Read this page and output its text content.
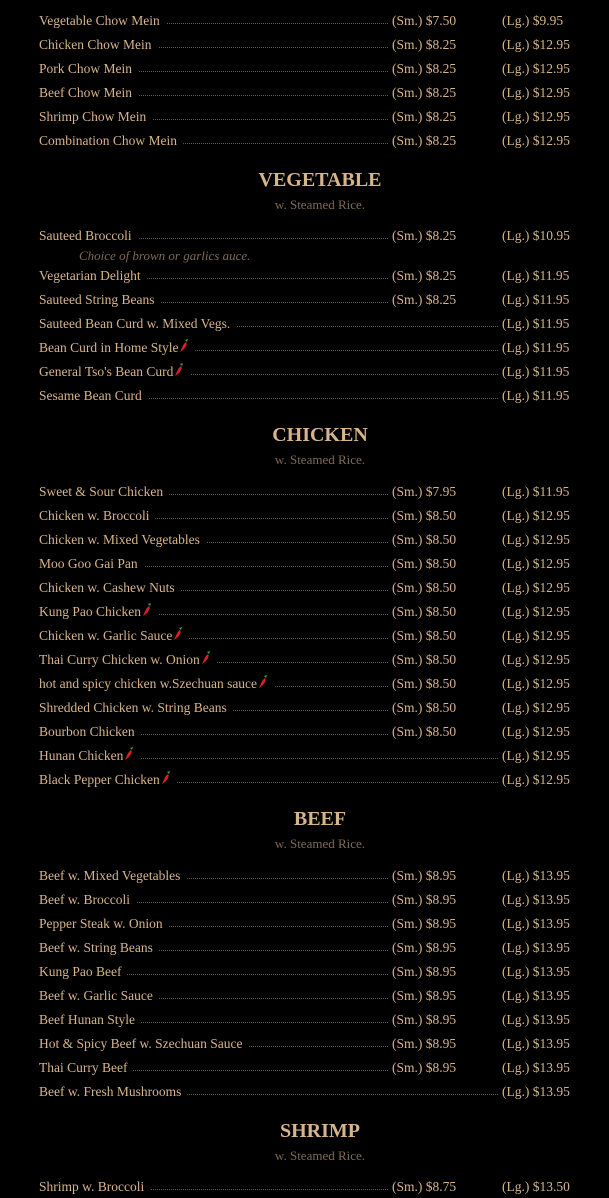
Vegetable Chow Mein	(Sm.) $7.50	(Lg.) $9.95
Chicken Chow Mein	(Sm.) $8.25	(Lg.) $12.95
Pork Chow Mein	(Sm.) $8.25	(Lg.) $12.95
Beef Chow Mein	(Sm.) $8.25	(Lg.) $12.95
Shrimp Chow Mein	(Sm.) $8.25	(Lg.) $12.95
Combination Chow Mein	(Sm.) $8.25	(Lg.) $12.95
VEGETABLE
w. Steamed Rice.
Sauteed Broccoli	(Sm.) $8.25	(Lg.) $10.95
Vegetarian Delight	(Sm.) $8.25	(Lg.) $11.95
Sauteed String Beans	(Sm.) $8.25	(Lg.) $11.95
Sauteed Bean Curd w. Mixed Vegs.	(Lg.) $11.95
Bean Curd in Home Style	(Lg.) $11.95
General Tso's Bean Curd	(Lg.) $11.95
Sesame Bean Curd	(Lg.) $11.95
CHICKEN
w. Steamed Rice.
Sweet & Sour Chicken	(Sm.) $7.95	(Lg.) $11.95
Chicken w. Broccoli	(Sm.) $8.50	(Lg.) $12.95
Chicken w. Mixed Vegetables	(Sm.) $8.50	(Lg.) $12.95
Moo Goo Gai Pan	(Sm.) $8.50	(Lg.) $12.95
Chicken w. Cashew Nuts	(Sm.) $8.50	(Lg.) $12.95
Kung Pao Chicken	(Sm.) $8.50	(Lg.) $12.95
Chicken w. Garlic Sauce	(Sm.) $8.50	(Lg.) $12.95
Thai Curry Chicken w. Onion	(Sm.) $8.50	(Lg.) $12.95
hot and spicy chicken w.Szechuan sauce	(Sm.) $8.50	(Lg.) $12.95
Shredded Chicken w. String Beans	(Sm.) $8.50	(Lg.) $12.95
Bourbon Chicken	(Sm.) $8.50	(Lg.) $12.95
Hunan Chicken	(Lg.) $12.95
Black Pepper Chicken	(Lg.) $12.95
BEEF
w. Steamed Rice.
Beef w. Mixed Vegetables	(Sm.) $8.95	(Lg.) $13.95
Beef w. Broccoli	(Sm.) $8.95	(Lg.) $13.95
Pepper Steak w. Onion	(Sm.) $8.95	(Lg.) $13.95
Beef w. String Beans	(Sm.) $8.95	(Lg.) $13.95
Kung Pao Beef	(Sm.) $8.95	(Lg.) $13.95
Beef w. Garlic Sauce	(Sm.) $8.95	(Lg.) $13.95
Beef Hunan Style	(Sm.) $8.95	(Lg.) $13.95
Hot & Spicy Beef w. Szechuan Sauce	(Sm.) $8.95	(Lg.) $13.95
Thai Curry Beef	(Sm.) $8.95	(Lg.) $13.95
Beef w. Fresh Mushrooms	(Lg.) $13.95
SHRIMP
w. Steamed Rice.
Shrimp w. Broccoli	(Sm.) $8.75	(Lg.) $13.50
Choice of brown or garlics auce.
